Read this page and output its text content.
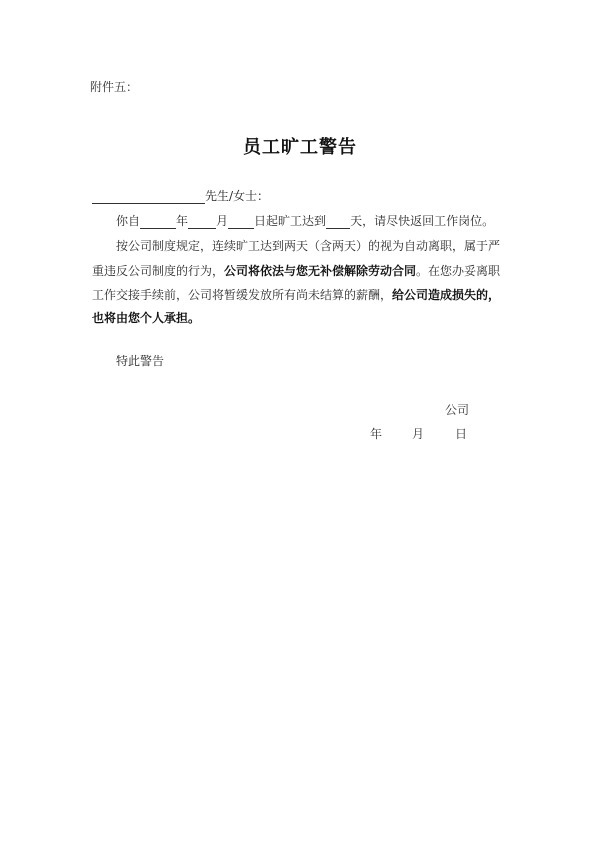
附件五：
员工旷工警告
先生/女士：
你自	年 月 日起旷工达到 天，请尽快返回工作岗位。
按公司制度规定，连续旷工达到两天（含两天）的视为自动离职，属于严
重违反公司制度的行为，公司将依法与您无补偿解除劳动合同。在您办妥离职
工作交接手续前，公司将暂缓发放所有尚未结算的薪酬，给公司造成损失的，
也将由您个人承担。
特此警告
公司
年 月	日
